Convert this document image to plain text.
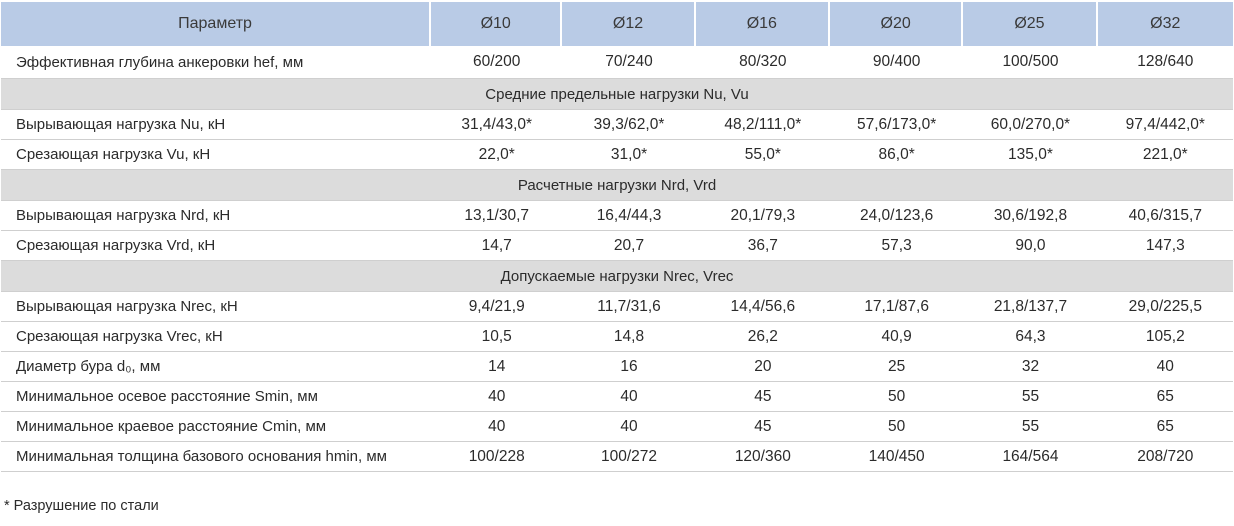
Параметр	Ø10	Ø12	Ø16	Ø20	Ø25	Ø32
Эффективная глубина анкеровки hef, мм	60/200	70/240	80/320	90/400	100/500	128/640
Средние предельные нагрузки Nu, Vu						
Вырывающая нагрузка Nu, кН	31,4/43,0*	39,3/62,0*	48,2/111,0*	57,6/173,0*	60,0/270,0*	97,4/442,0*
Срезающая нагрузка Vu, кН	22,0*	31,0*	55,0*	86,0*	135,0*	221,0*
Расчетные нагрузки Nrd, Vrd						
Вырывающая нагрузка Nrd, кН	13,1/30,7	16,4/44,3	20,1/79,3	24,0/123,6	30,6/192,8	40,6/315,7
Срезающая нагрузка Vrd, кН	14,7	20,7	36,7	57,3	90,0	147,3
Допускаемые нагрузки Nrec, Vrec						
Вырывающая нагрузка Nrec, кН	9,4/21,9	11,7/31,6	14,4/56,6	17,1/87,6	21,8/137,7	29,0/225,5
Срезающая нагрузка Vrec, кН	10,5	14,8	26,2	40,9	64,3	105,2
Диаметр бура d₀, мм	14	16	20	25	32	40
Минимальное осевое расстояние Smin, мм	40	40	45	50	55	65
Минимальное краевое расстояние Cmin, мм	40	40	45	50	55	65
Минимальная толщина базового основания hmin, мм	100/228	100/272	120/360	140/450	164/564	208/720
* Разрушение по стали
